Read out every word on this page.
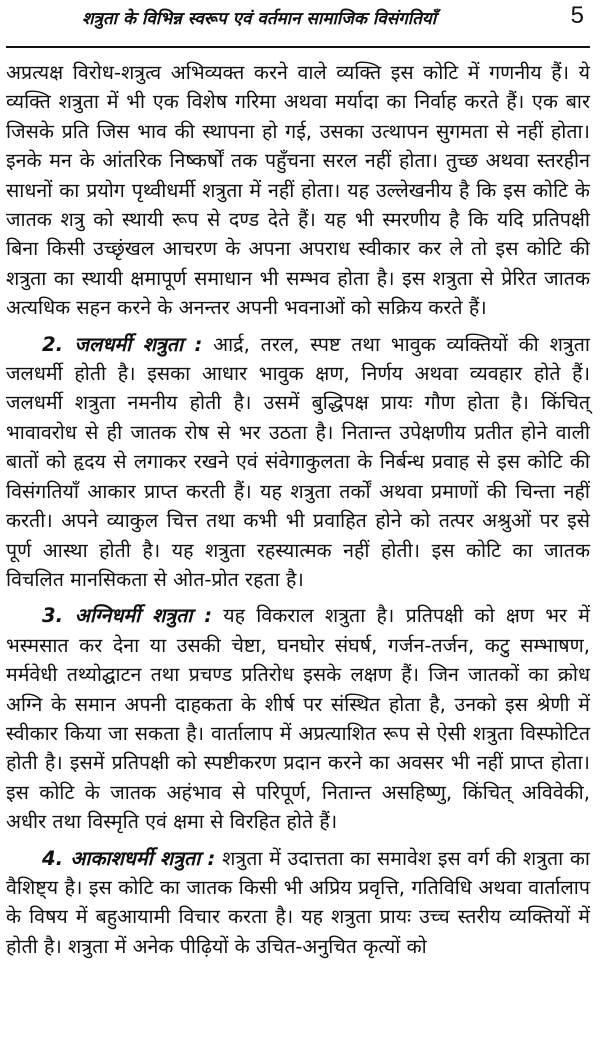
शत्रुता के विभिन्न स्वरूप एवं वर्तमान सामाजिक विसंगतियाँ	5

अप्रत्यक्ष विरोध-शत्रुत्व अभिव्यक्त करने वाले व्यक्ति इस कोटि में गणनीय हैं। ये व्यक्ति शत्रुता में भी एक विशेष गरिमा अथवा मर्यादा का निर्वाह करते हैं। एक बार जिसके प्रति जिस भाव की स्थापना हो गई, उसका उत्थापन सुगमता से नहीं होता। इनके मन के आंतरिक निष्कर्षों तक पहुँचना सरल नहीं होता। तुच्छ अथवा स्तरहीन साधनों का प्रयोग पृथ्वीधर्मी शत्रुता में नहीं होता। यह उल्लेखनीय है कि इस कोटि के जातक शत्रु को स्थायी रूप से दण्ड देते हैं। यह भी स्मरणीय है कि यदि प्रतिपक्षी बिना किसी उच्छृंखल आचरण के अपना अपराध स्वीकार कर ले तो इस कोटि की शत्रुता का स्थायी क्षमापूर्ण समाधान भी सम्भव होता है। इस शत्रुता से प्रेरित जातक अत्यधिक सहन करने के अनन्तर अपनी भवनाओं को सक्रिय करते हैं।

2. जलधर्मी शत्रुता : आर्द्र, तरल, स्पष्ट तथा भावुक व्यक्तियों की शत्रुता जलधर्मी होती है। इसका आधार भावुक क्षण, निर्णय अथवा व्यवहार होते हैं। जलधर्मी शत्रुता नमनीय होती है। उसमें बुद्धिपक्ष प्रायः गौण होता है। किंचित् भावावरोध से ही जातक रोष से भर उठता है। नितान्त उपेक्षणीय प्रतीत होने वाली बातों को हृदय से लगाकर रखने एवं संवेगाकुलता के निर्बन्ध प्रवाह से इस कोटि की विसंगतियाँ आकार प्राप्त करती हैं। यह शत्रुता तर्कों अथवा प्रमाणों की चिन्ता नहीं करती। अपने व्याकुल चित्त तथा कभी भी प्रवाहित होने को तत्पर अश्रुओं पर इसे पूर्ण आस्था होती है। यह शत्रुता रहस्यात्मक नहीं होती। इस कोटि का जातक विचलित मानसिकता से ओत-प्रोत रहता है।

3. अग्निधर्मी शत्रुता : यह विकराल शत्रुता है। प्रतिपक्षी को क्षण भर में भस्मसात कर देना या उसकी चेष्टा, घनघोर संघर्ष, गर्जन-तर्जन, कटु सम्भाषण, मर्मवेधी तथ्योद्घाटन तथा प्रचण्ड प्रतिरोध इसके लक्षण हैं। जिन जातकों का क्रोध अग्नि के समान अपनी दाहकता के शीर्ष पर संस्थित होता है, उनको इस श्रेणी में स्वीकार किया जा सकता है। वार्तालाप में अप्रत्याशित रूप से ऐसी शत्रुता विस्फोटित होती है। इसमें प्रतिपक्षी को स्पष्टीकरण प्रदान करने का अवसर भी नहीं प्राप्त होता। इस कोटि के जातक अहंभाव से परिपूर्ण, नितान्त असहिष्णु, किंचित् अविवेकी, अधीर तथा विस्मृति एवं क्षमा से विरहित होते हैं।

4. आकाशधर्मी शत्रुता : शत्रुता में उदात्तता का समावेश इस वर्ग की शत्रुता का वैशिष्ट्य है। इस कोटि का जातक किसी भी अप्रिय प्रवृत्ति, गतिविधि अथवा वार्तालाप के विषय में बहुआयामी विचार करता है। यह शत्रुता प्रायः उच्च स्तरीय व्यक्तियों में होती है। शत्रुता में अनेक पीढ़ियों के उचित-अनुचित कृत्यों को
